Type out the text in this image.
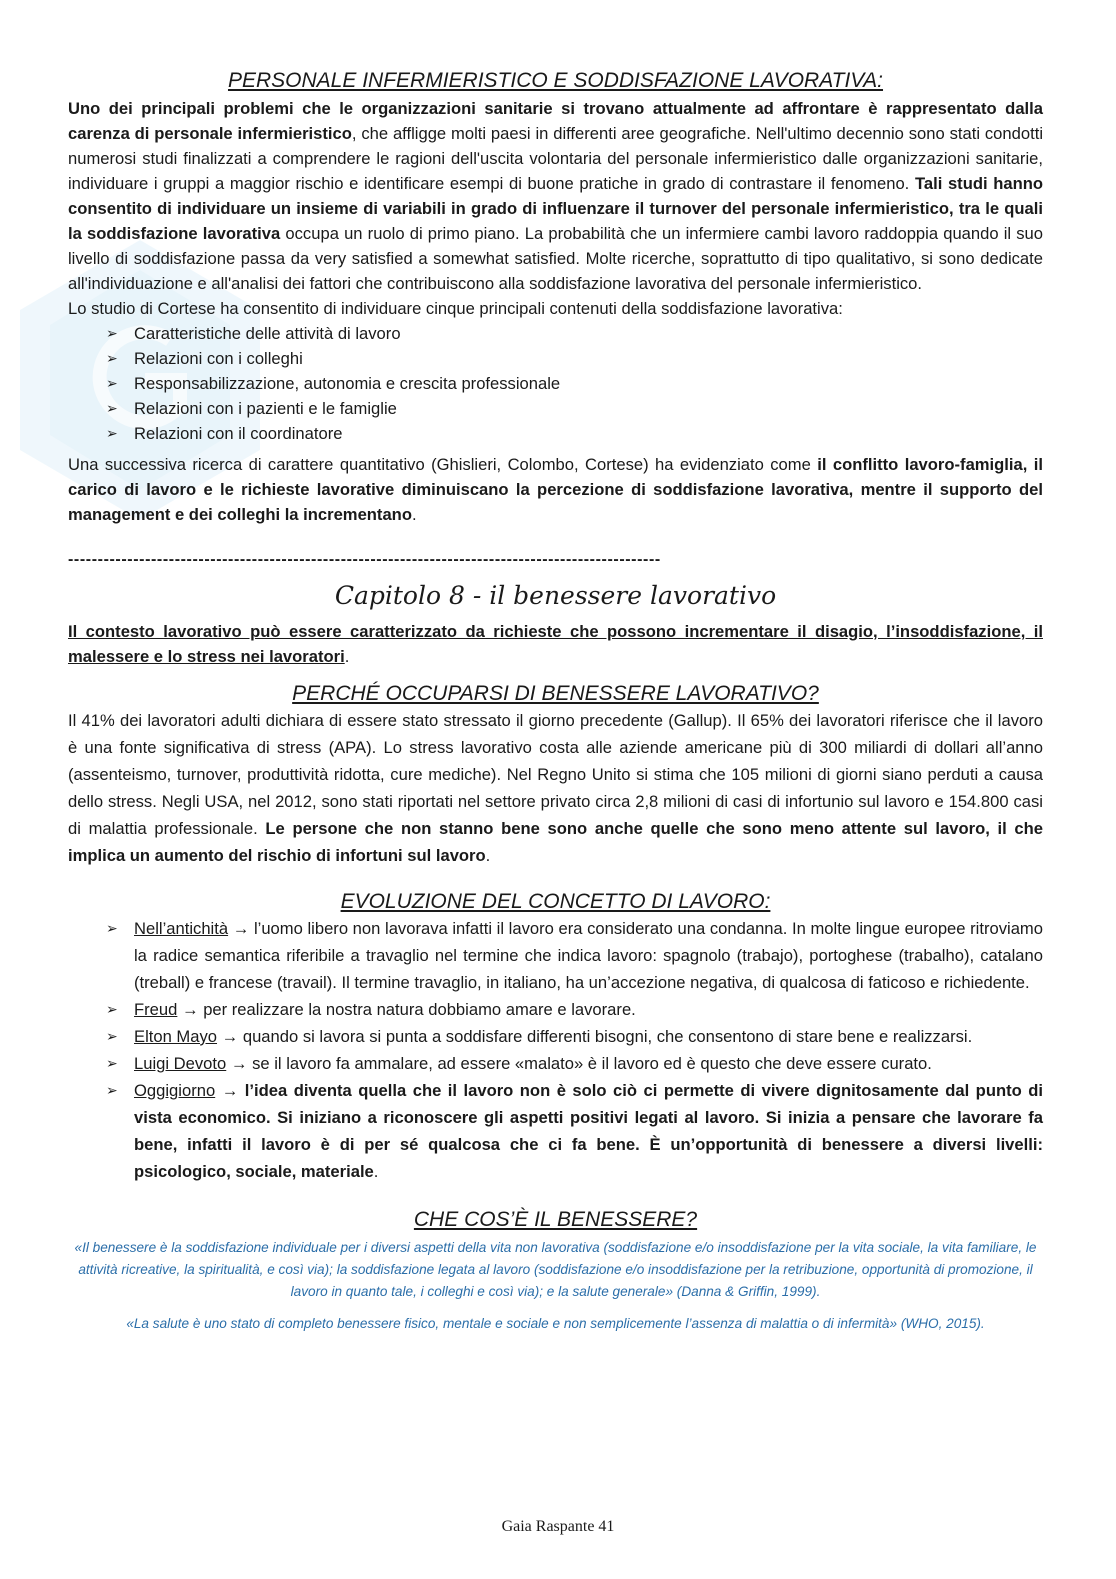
PERSONALE INFERMIERISTICO E SODDISFAZIONE LAVORATIVA:

Uno dei principali problemi che le organizzazioni sanitarie si trovano attualmente ad affrontare è rappresentato dalla carenza di personale infermieristico, che affligge molti paesi in differenti aree geografiche. Nell'ultimo decennio sono stati condotti numerosi studi finalizzati a comprendere le ragioni dell'uscita volontaria del personale infermieristico dalle organizzazioni sanitarie, individuare i gruppi a maggior rischio e identificare esempi di buone pratiche in grado di contrastare il fenomeno. Tali studi hanno consentito di individuare un insieme di variabili in grado di influenzare il turnover del personale infermieristico, tra le quali la soddisfazione lavorativa occupa un ruolo di primo piano. La probabilità che un infermiere cambi lavoro raddoppia quando il suo livello di soddisfazione passa da very satisfied a somewhat satisfied. Molte ricerche, soprattutto di tipo qualitativo, si sono dedicate all'individuazione e all'analisi dei fattori che contribuiscono alla soddisfazione lavorativa del personale infermieristico.

Lo studio di Cortese ha consentito di individuare cinque principali contenuti della soddisfazione lavorativa:

➢ Caratteristiche delle attività di lavoro
➢ Relazioni con i colleghi
➢ Responsabilizzazione, autonomia e crescita professionale
➢ Relazioni con i pazienti e le famiglie
➢ Relazioni con il coordinatore

Una successiva ricerca di carattere quantitativo (Ghislieri, Colombo, Cortese) ha evidenziato come il conflitto lavoro-famiglia, il carico di lavoro e le richieste lavorative diminuiscano la percezione di soddisfazione lavorativa, mentre il supporto del management e dei colleghi la incrementano.

----------------------------------------------------------------------------------------------------

Capitolo 8 - il benessere lavorativo

Il contesto lavorativo può essere caratterizzato da richieste che possono incrementare il disagio, l’insoddisfazione, il malessere e lo stress nei lavoratori.

PERCHÉ OCCUPARSI DI BENESSERE LAVORATIVO?

Il 41% dei lavoratori adulti dichiara di essere stato stressato il giorno precedente (Gallup). Il 65% dei lavoratori riferisce che il lavoro è una fonte significativa di stress (APA). Lo stress lavorativo costa alle aziende americane più di 300 miliardi di dollari all’anno (assenteismo, turnover, produttività ridotta, cure mediche). Nel Regno Unito si stima che 105 milioni di giorni siano perduti a causa dello stress. Negli USA, nel 2012, sono stati riportati nel settore privato circa 2,8 milioni di casi di infortunio sul lavoro e 154.800 casi di malattia professionale. Le persone che non stanno bene sono anche quelle che sono meno attente sul lavoro, il che implica un aumento del rischio di infortuni sul lavoro.

EVOLUZIONE DEL CONCETTO DI LAVORO:
➢ Nell’antichità → l’uomo libero non lavorava infatti il lavoro era considerato una condanna. In molte lingue europee ritroviamo la radice semantica riferibile a travaglio nel termine che indica lavoro: spagnolo (trabajo), portoghese (trabalho), catalano (treball) e francese (travail). Il termine travaglio, in italiano, ha un’accezione negativa, di qualcosa di faticoso e richiedente.
➢ Freud → per realizzare la nostra natura dobbiamo amare e lavorare.
➢ Elton Mayo → quando si lavora si punta a soddisfare differenti bisogni, che consentono di stare bene e realizzarsi.
➢ Luigi Devoto → se il lavoro fa ammalare, ad essere «malato» è il lavoro ed è questo che deve essere curato.
➢ Oggigiorno → l’idea diventa quella che il lavoro non è solo ciò ci permette di vivere dignitosamente dal punto di vista economico. Si iniziano a riconoscere gli aspetti positivi legati al lavoro. Si inizia a pensare che lavorare fa bene, infatti il lavoro è di per sé qualcosa che ci fa bene. È un’opportunità di benessere a diversi livelli: psicologico, sociale, materiale.
CHE COS’È IL BENESSERE?

«Il benessere è la soddisfazione individuale per i diversi aspetti della vita non lavorativa (soddisfazione e/o insoddisfazione per la vita sociale, la vita familiare, le attività ricreative, la spiritualità, e così via); la soddisfazione legata al lavoro (soddisfazione e/o insoddisfazione per la retribuzione, opportunità di promozione, il lavoro in quanto tale, i colleghi e così via); e la salute generale» (Danna & Griffin, 1999).

«La salute è uno stato di completo benessere fisico, mentale e sociale e non semplicemente l’assenza di malattia o di infermità» (WHO, 2015).

Gaia Raspante 41
